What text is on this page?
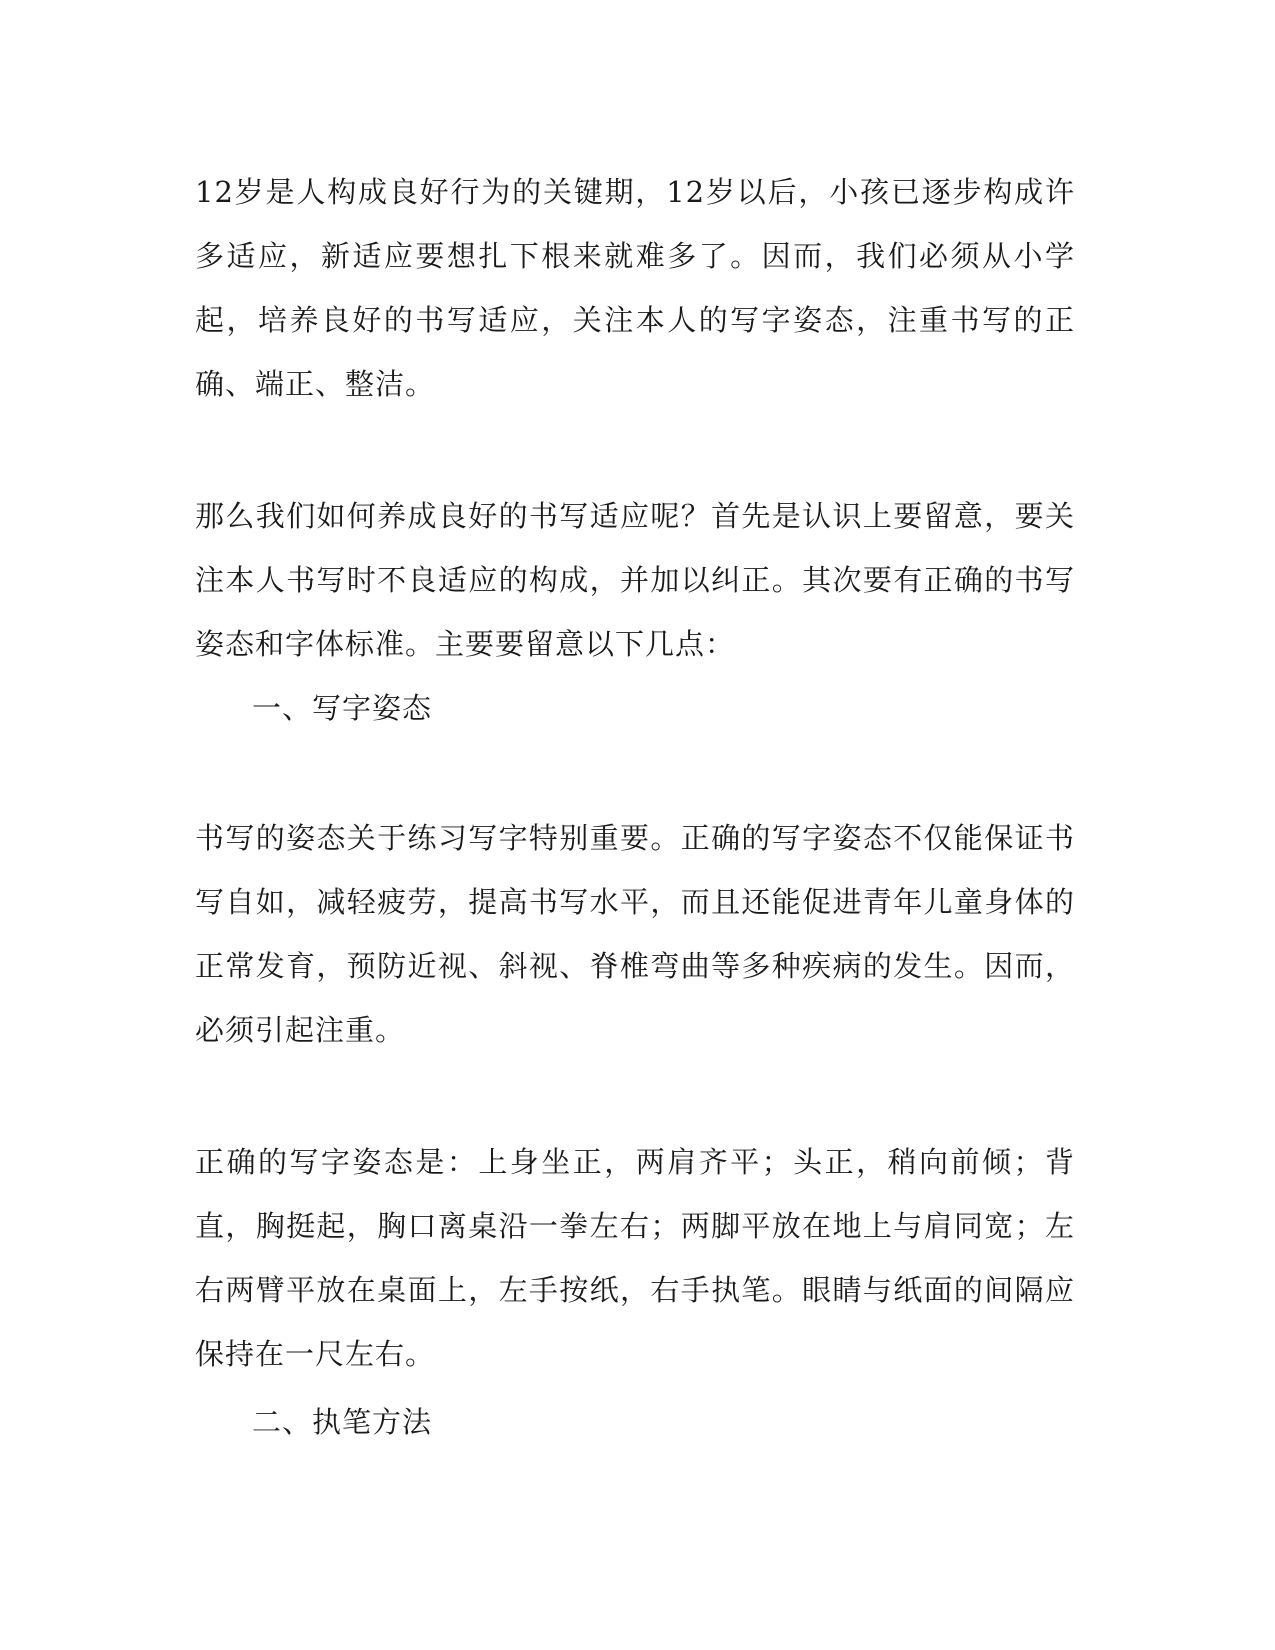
12岁是人构成良好行为的关键期，12岁以后，小孩已逐步构成许多适应，新适应要想扎下根来就难多了。因而，我们必须从小学起，培养良好的书写适应，关注本人的写字姿态，注重书写的正确、端正、整洁。

那么我们如何养成良好的书写适应呢？首先是认识上要留意，要关注本人书写时不良适应的构成，并加以纠正。其次要有正确的书写姿态和字体标准。主要要留意以下几点：

一、写字姿态

书写的姿态关于练习写字特别重要。正确的写字姿态不仅能保证书写自如，减轻疲劳，提高书写水平，而且还能促进青年儿童身体的正常发育，预防近视、斜视、脊椎弯曲等多种疾病的发生。因而，必须引起注重。

正确的写字姿态是：上身坐正，两肩齐平；头正，稍向前倾；背直，胸挺起，胸口离桌沿一拳左右；两脚平放在地上与肩同宽；左右两臂平放在桌面上，左手按纸，右手执笔。眼睛与纸面的间隔应保持在一尺左右。

二、执笔方法
